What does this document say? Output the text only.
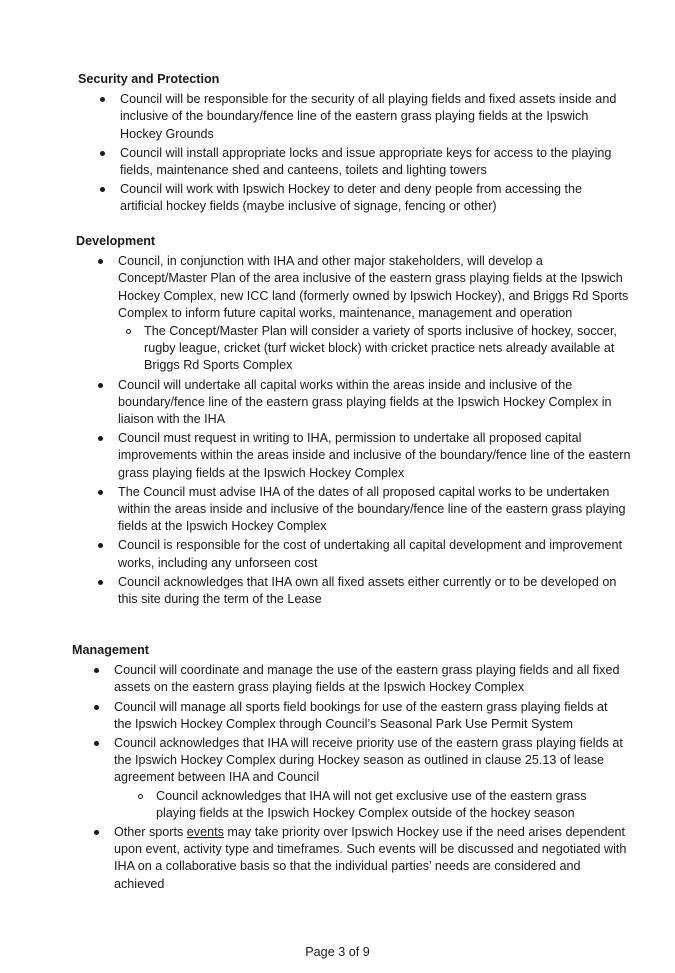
Security and Protection
Council will be responsible for the security of all playing fields and fixed assets inside and inclusive of the boundary/fence line of the eastern grass playing fields at the Ipswich Hockey Grounds
Council will install appropriate locks and issue appropriate keys for access to the playing fields, maintenance shed and canteens, toilets and lighting towers
Council will work with Ipswich Hockey to deter and deny people from accessing the artificial hockey fields (maybe inclusive of signage, fencing or other)
Development
Council, in conjunction with IHA and other major stakeholders, will develop a Concept/Master Plan of the area inclusive of the eastern grass playing fields at the Ipswich Hockey Complex, new ICC land (formerly owned by Ipswich Hockey), and Briggs Rd Sports Complex to inform future capital works, maintenance, management and operation
The Concept/Master Plan will consider a variety of sports inclusive of hockey, soccer, rugby league, cricket (turf wicket block) with cricket practice nets already available at Briggs Rd Sports Complex
Council will undertake all capital works within the areas inside and inclusive of the boundary/fence line of the eastern grass playing fields at the Ipswich Hockey Complex in liaison with the IHA
Council must request in writing to IHA, permission to undertake all proposed capital improvements within the areas inside and inclusive of the boundary/fence line of the eastern grass playing fields at the Ipswich Hockey Complex
The Council must advise IHA of the dates of all proposed capital works to be undertaken within the areas inside and inclusive of the boundary/fence line of the eastern grass playing fields at the Ipswich Hockey Complex
Council is responsible for the cost of undertaking all capital development and improvement works, including any unforseen cost
Council acknowledges that IHA own all fixed assets either currently or to be developed on this site during the term of the Lease
Management
Council will coordinate and manage the use of the eastern grass playing fields and all fixed assets on the eastern grass playing fields at the Ipswich Hockey Complex
Council will manage all sports field bookings for use of the eastern grass playing fields at the Ipswich Hockey Complex through Council’s Seasonal Park Use Permit System
Council acknowledges that IHA will receive priority use of the eastern grass playing fields at the Ipswich Hockey Complex during Hockey season as outlined in clause 25.13 of lease agreement between IHA and Council
Council acknowledges that IHA will not get exclusive use of the eastern grass playing fields at the Ipswich Hockey Complex outside of the hockey season
Other sports events may take priority over Ipswich Hockey use if the need arises dependent upon event, activity type and timeframes. Such events will be discussed and negotiated with IHA on a collaborative basis so that the individual parties’ needs are considered and achieved
Page 3 of 9
